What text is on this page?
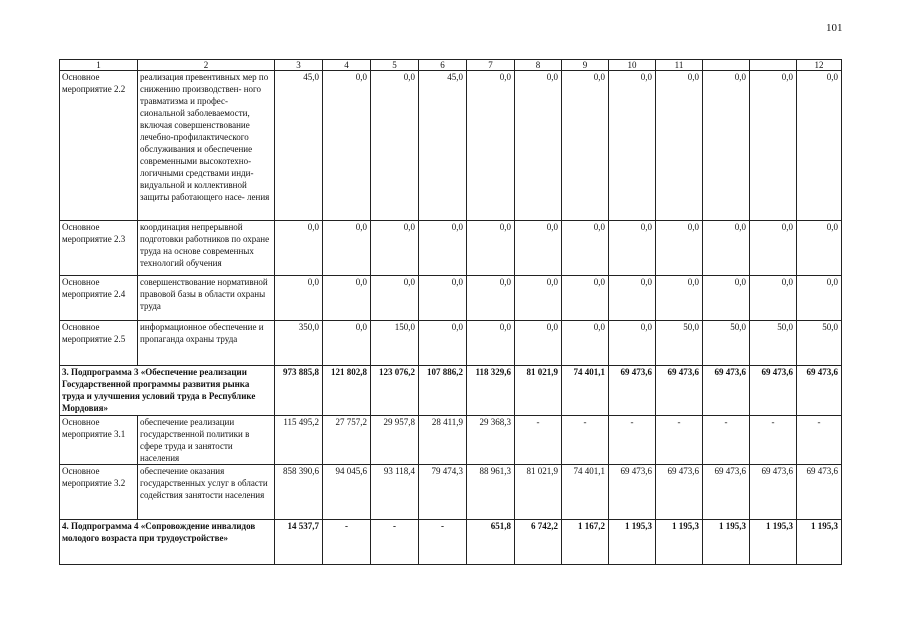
101
1	2	3	4	5	6	7	8	9	10	11			12
Основное мероприятие 2.2	реализация превентивных мер по снижению производствен- ного травматизма и профес- сиональной заболеваемости, включая совершенствование лечебно-профилактического обслуживания и обеспечение современными высокотехно- логичными средствами инди- видуальной и коллективной защиты работающего насе- ления	45,0	0,0	0,0	45,0	0,0	0,0	0,0	0,0	0,0	0,0	0,0	0,0
Основное мероприятие 2.3	координация непрерывной подготовки работников по охране труда на основе современных технологий обучения	0,0	0,0	0,0	0,0	0,0	0,0	0,0	0,0	0,0	0,0	0,0	0,0
Основное мероприятие 2.4	совершенствование нормативной правовой базы в области охраны труда	0,0	0,0	0,0	0,0	0,0	0,0	0,0	0,0	0,0	0,0	0,0	0,0
Основное мероприятие 2.5	информационное обеспечение и пропаганда охраны труда	350,0	0,0	150,0	0,0	0,0	0,0	0,0	0,0	50,0	50,0	50,0	50,0
3. Подпрограмма 3 «Обеспечение реализации Государственной программы развития рынка труда и улучшения условий труда в Республике Мордовия»		973 885,8	121 802,8	123 076,2	107 886,2	118 329,6	81 021,9	74 401,1	69 473,6	69 473,6	69 473,6	69 473,6	69 473,6
Основное мероприятие 3.1	обеспечение реализации государственной политики в сфере труда и занятости населения	115 495,2	27 757,2	29 957,8	28 411,9	29 368,3	-	-	-	-	-	-	-
Основное мероприятие 3.2	обеспечение оказания государственных услуг в области содействия занятости населения	858 390,6	94 045,6	93 118,4	79 474,3	88 961,3	81 021,9	74 401,1	69 473,6	69 473,6	69 473,6	69 473,6	69 473,6
4. Подпрограмма 4 «Сопровождение инвалидов молодого возраста при трудоустройстве»		14 537,7	-	-	-	651,8	6 742,2	1 167,2	1 195,3	1 195,3	1 195,3	1 195,3	1 195,3
